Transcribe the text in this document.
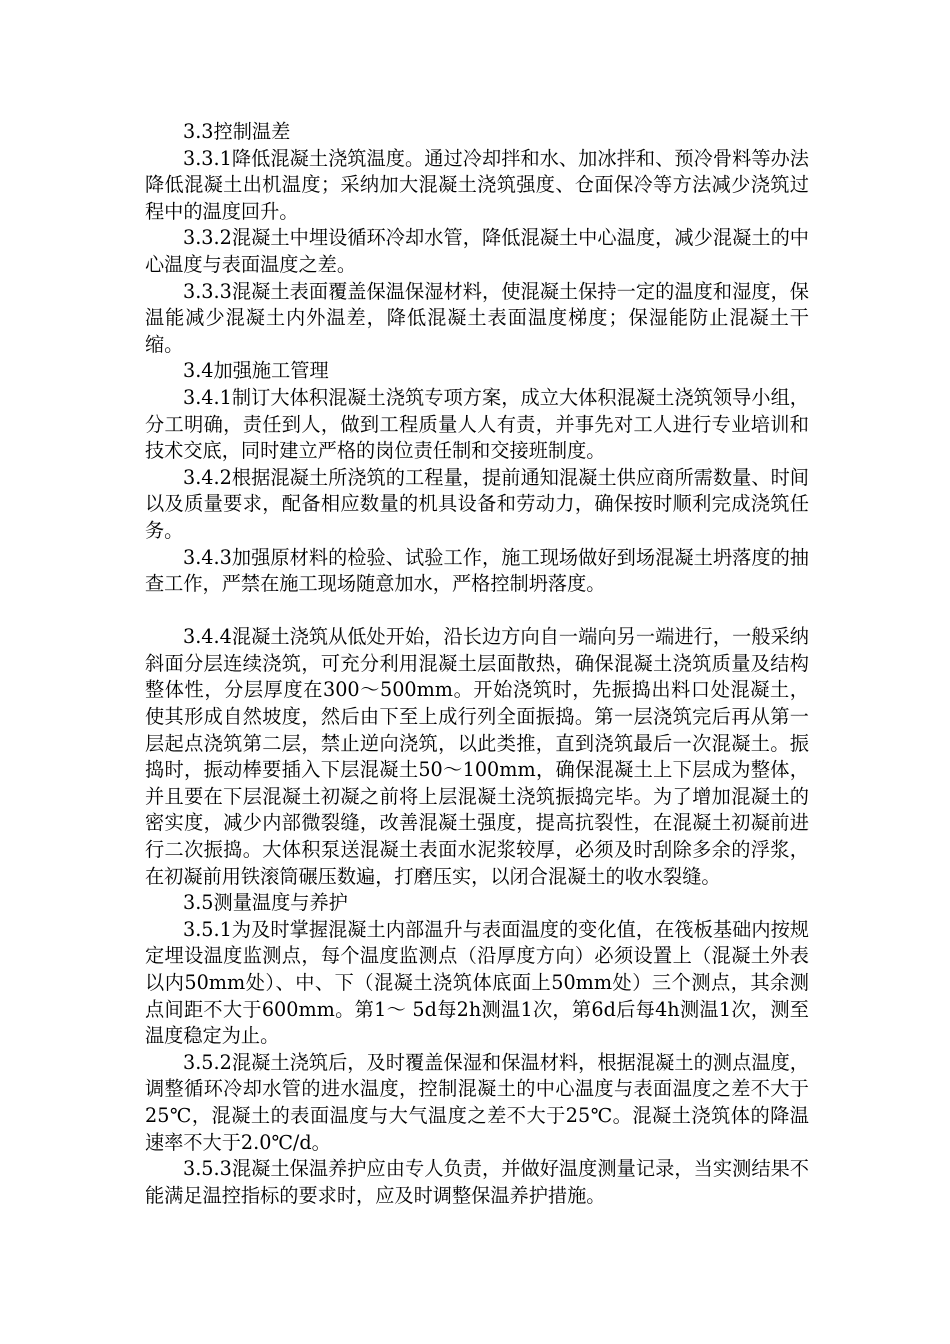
3.3控制温差

3.3.1降低混凝土浇筑温度。通过冷却拌和水、加冰拌和、预冷骨料等办法降低混凝土出机温度；采纳加大混凝土浇筑强度、仓面保冷等方法减少浇筑过程中的温度回升。

3.3.2混凝土中埋设循环冷却水管，降低混凝土中心温度，减少混凝土的中心温度与表面温度之差。

3.3.3混凝土表面覆盖保温保湿材料，使混凝土保持一定的温度和湿度，保温能减少混凝土内外温差，降低混凝土表面温度梯度；保湿能防止混凝土干缩。

3.4加强施工管理

3.4.1制订大体积混凝土浇筑专项方案，成立大体积混凝土浇筑领导小组，分工明确，责任到人，做到工程质量人人有责，并事先对工人进行专业培训和技术交底，同时建立严格的岗位责任制和交接班制度。

3.4.2根据混凝土所浇筑的工程量，提前通知混凝土供应商所需数量、时间以及质量要求，配备相应数量的机具设备和劳动力，确保按时顺利完成浇筑任务。

3.4.3加强原材料的检验、试验工作，施工现场做好到场混凝土坍落度的抽查工作，严禁在施工现场随意加水，严格控制坍落度。

3.4.4混凝土浇筑从低处开始，沿长边方向自一端向另一端进行，一般采纳斜面分层连续浇筑，可充分利用混凝土层面散热，确保混凝土浇筑质量及结构整体性，分层厚度在300～500mm。开始浇筑时，先振捣出料口处混凝土，使其形成自然坡度，然后由下至上成行列全面振捣。第一层浇筑完后再从第一层起点浇筑第二层，禁止逆向浇筑，以此类推，直到浇筑最后一次混凝土。振捣时，振动棒要插入下层混凝土50～100mm，确保混凝土上下层成为整体，并且要在下层混凝土初凝之前将上层混凝土浇筑振捣完毕。为了增加混凝土的密实度，减少内部微裂缝，改善混凝土强度，提高抗裂性，在混凝土初凝前进行二次振捣。大体积泵送混凝土表面水泥浆较厚，必须及时刮除多余的浮浆，在初凝前用铁滚筒碾压数遍，打磨压实，以闭合混凝土的收水裂缝。

3.5测量温度与养护

3.5.1为及时掌握混凝土内部温升与表面温度的变化值，在筏板基础内按规定埋设温度监测点，每个温度监测点（沿厚度方向）必须设置上（混凝土外表以内50mm处）、中、下（混凝土浇筑体底面上50mm处）三个测点，其余测点间距不大于600mm。第1～ 5d每2h测温1次，第6d后每4h测温1次，测至温度稳定为止。

3.5.2混凝土浇筑后，及时覆盖保湿和保温材料，根据混凝土的测点温度，调整循环冷却水管的进水温度，控制混凝土的中心温度与表面温度之差不大于25℃，混凝土的表面温度与大气温度之差不大于25℃。混凝土浇筑体的降温速率不大于2.0℃/d。

3.5.3混凝土保温养护应由专人负责，并做好温度测量记录，当实测结果不能满足温控指标的要求时，应及时调整保温养护措施。
